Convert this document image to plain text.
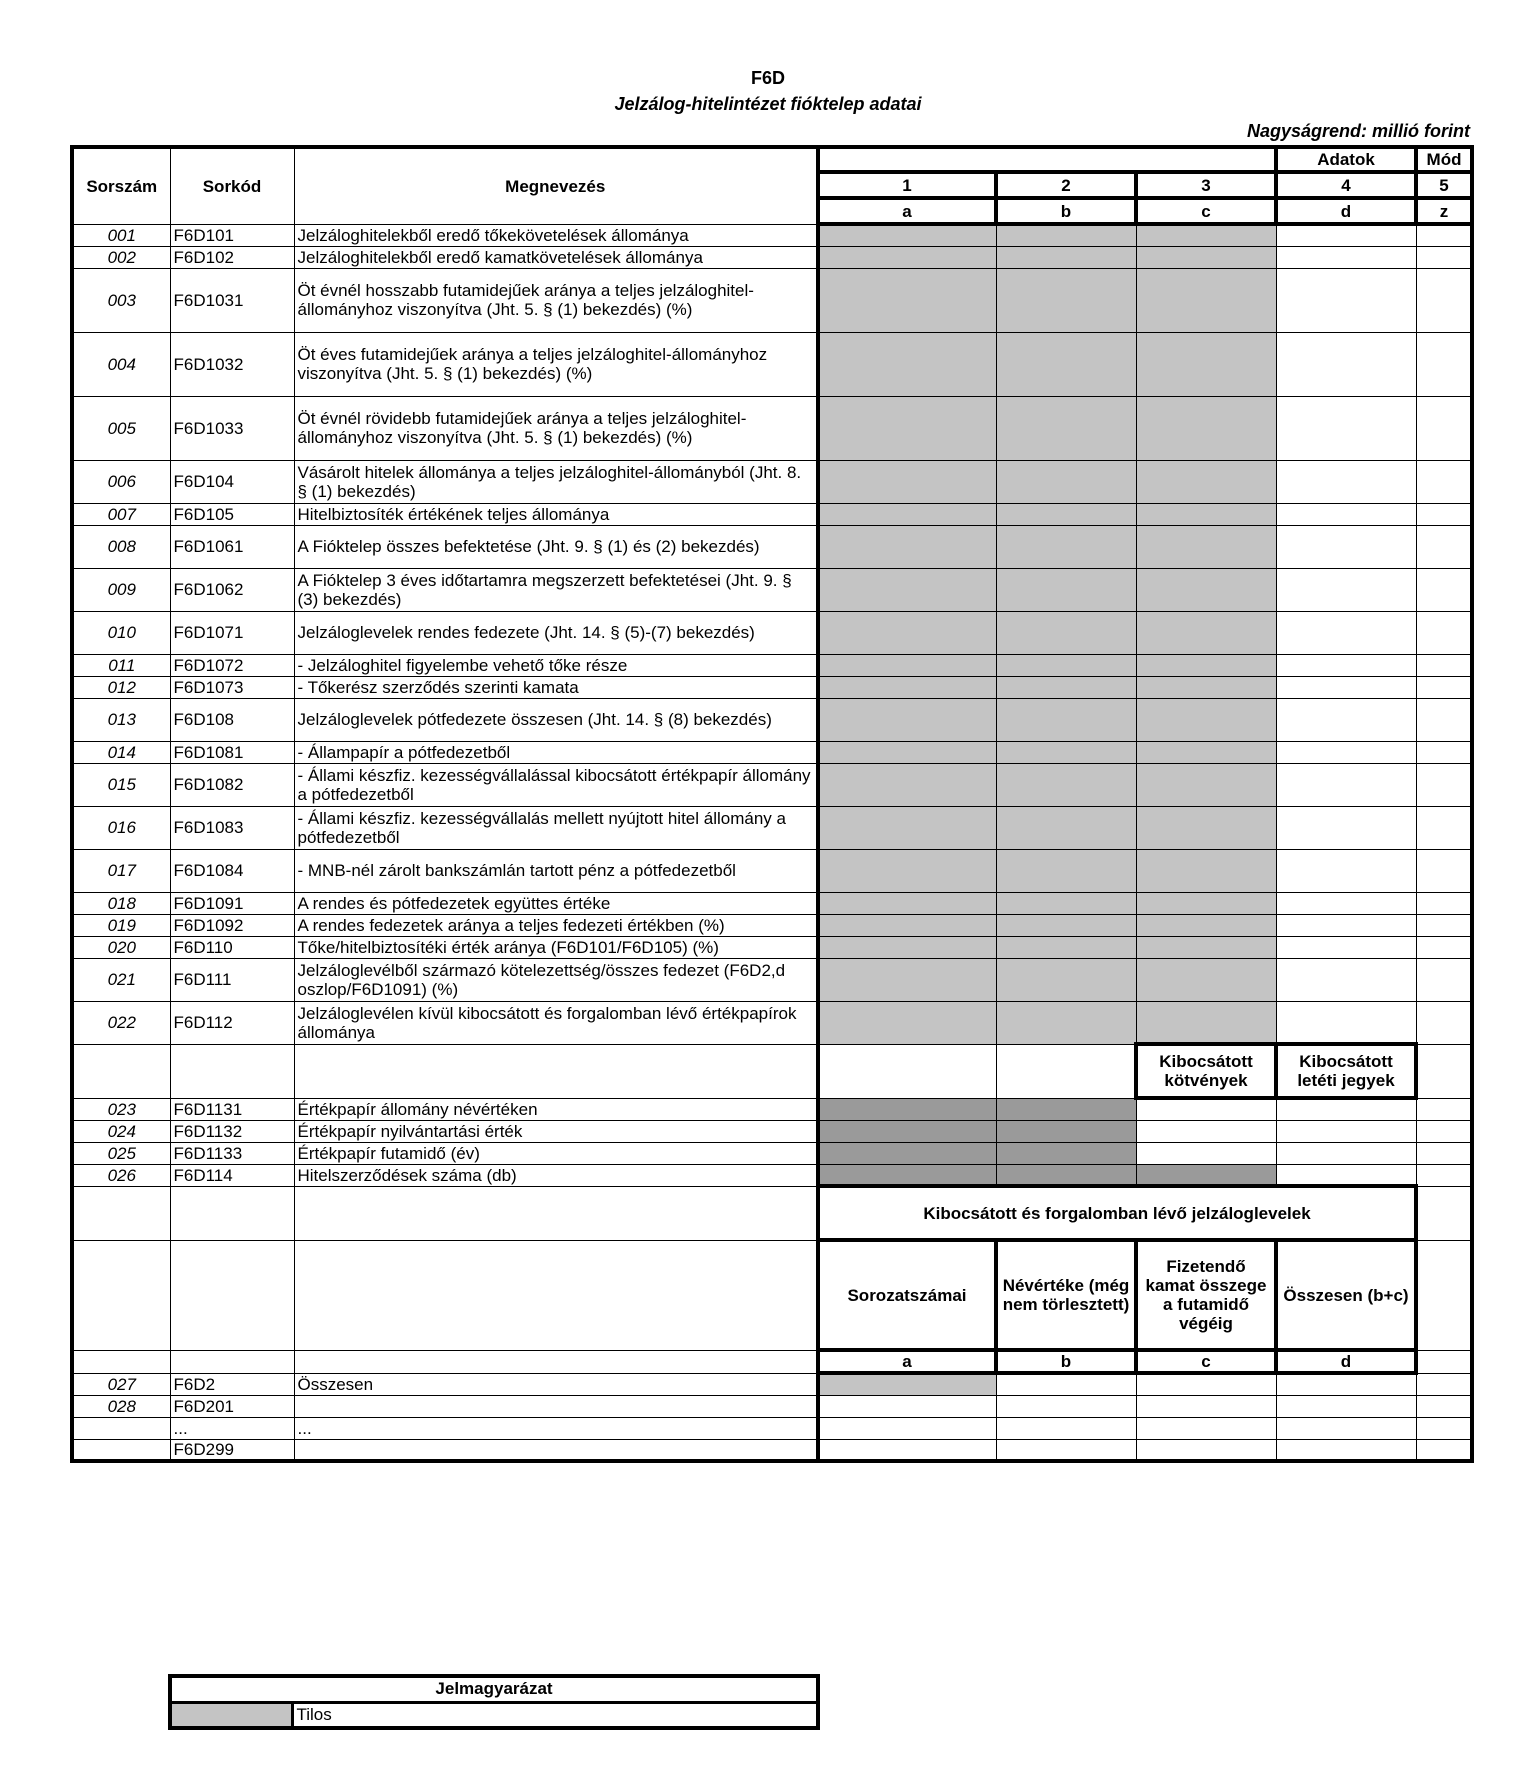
F6D
Jelzálog-hitelintézet fióktelep adatai
Nagyságrend: millió forint
Sorszám	Sorkód	Megnevezés				Adatok	Mód
			1	2	3	4	5
			a	b	c	d	z
001	F6D101	Jelzáloghitelekből eredő tőkekövetelések állománya					
002	F6D102	Jelzáloghitelekből eredő kamatkövetelések állománya					
003	F6D1031	Öt évnél hosszabb futamidejűek aránya a teljes jelzáloghitel-állományhoz viszonyítva (Jht. 5. § (1) bekezdés) (%)					
004	F6D1032	Öt éves futamidejűek aránya a teljes jelzáloghitel-állományhoz viszonyítva (Jht. 5. § (1) bekezdés) (%)					
005	F6D1033	Öt évnél rövidebb futamidejűek aránya a teljes jelzáloghitel-állományhoz viszonyítva (Jht. 5. § (1) bekezdés) (%)					
006	F6D104	Vásárolt hitelek állománya a teljes jelzáloghitel-állományból (Jht. 8. § (1) bekezdés)					
007	F6D105	Hitelbiztosíték értékének teljes állománya					
008	F6D1061	A Fióktelep összes befektetése (Jht. 9. § (1) és (2) bekezdés)					
009	F6D1062	A Fióktelep 3 éves időtartamra megszerzett befektetései (Jht. 9. § (3) bekezdés)					
010	F6D1071	Jelzáloglevelek rendes fedezete (Jht. 14. § (5)-(7) bekezdés)					
011	F6D1072	- Jelzáloghitel figyelembe vehető tőke része					
012	F6D1073	- Tőkerész szerződés szerinti kamata					
013	F6D108	Jelzáloglevelek pótfedezete összesen (Jht. 14. § (8) bekezdés)					
014	F6D1081	- Állampapír a pótfedezetből					
015	F6D1082	- Állami készfiz. kezességvállalással kibocsátott értékpapír állomány a pótfedezetből					
016	F6D1083	- Állami készfiz. kezességvállalás mellett nyújtott hitel állomány a pótfedezetből					
017	F6D1084	- MNB-nél zárolt bankszámlán tartott pénz a pótfedezetből					
018	F6D1091	A rendes és pótfedezetek együttes értéke					
019	F6D1092	A rendes fedezetek aránya a teljes fedezeti értékben (%)					
020	F6D110	Tőke/hitelbiztosítéki érték aránya (F6D101/F6D105) (%)					
021	F6D111	Jelzáloglevélből származó kötelezettség/összes fedezet (F6D2,d oszlop/F6D1091) (%)					
022	F6D112	Jelzáloglevélen kívül kibocsátott és forgalomban lévő értékpapírok állománya					
					Kibocsátott kötvények	Kibocsátott letéti jegyek	
023	F6D1131	Értékpapír állomány névértéken					
024	F6D1132	Értékpapír nyilvántartási érték					
025	F6D1133	Értékpapír futamidő (év)					
026	F6D114	Hitelszerződések száma (db)					
			Kibocsátott és forgalomban lévő jelzáloglevelek				
			Sorozatszámai	Névértéke (még nem törlesztett)	Fizetendő kamat összege a futamidő végéig	Összesen (b+c)	
			a	b	c	d	
027	F6D2	Összesen					
028	F6D201						
	...	...					
	F6D299						
Jelmagyarázat
	Tilos
